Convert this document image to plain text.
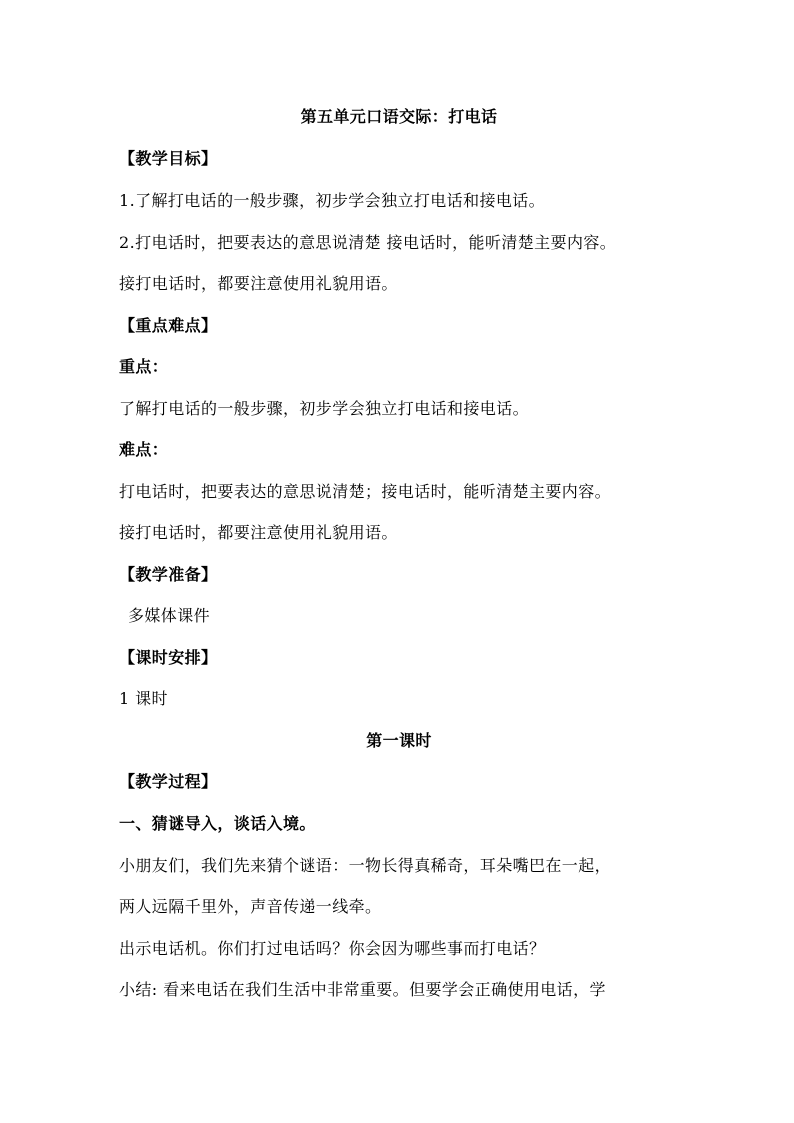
第五单元口语交际：打电话
【教学目标】
1.了解打电话的一般步骤，初步学会独立打电话和接电话。
2.打电话时，把要表达的意思说清楚 接电话时，能听清楚主要内容。
接打电话时，都要注意使用礼貌用语。
【重点难点】
重点：
了解打电话的一般步骤，初步学会独立打电话和接电话。
难点：
打电话时，把要表达的意思说清楚；接电话时，能听清楚主要内容。
接打电话时，都要注意使用礼貌用语。
【教学准备】
多媒体课件
【课时安排】
1 课时
第一课时
【教学过程】
一、猜谜导入，谈话入境。
小朋友们，我们先来猜个谜语：一物长得真稀奇，耳朵嘴巴在一起，
两人远隔千里外，声音传递一线牵。
出示电话机。你们打过电话吗？你会因为哪些事而打电话？
小结: 看来电话在我们生活中非常重要。但要学会正确使用电话，学
